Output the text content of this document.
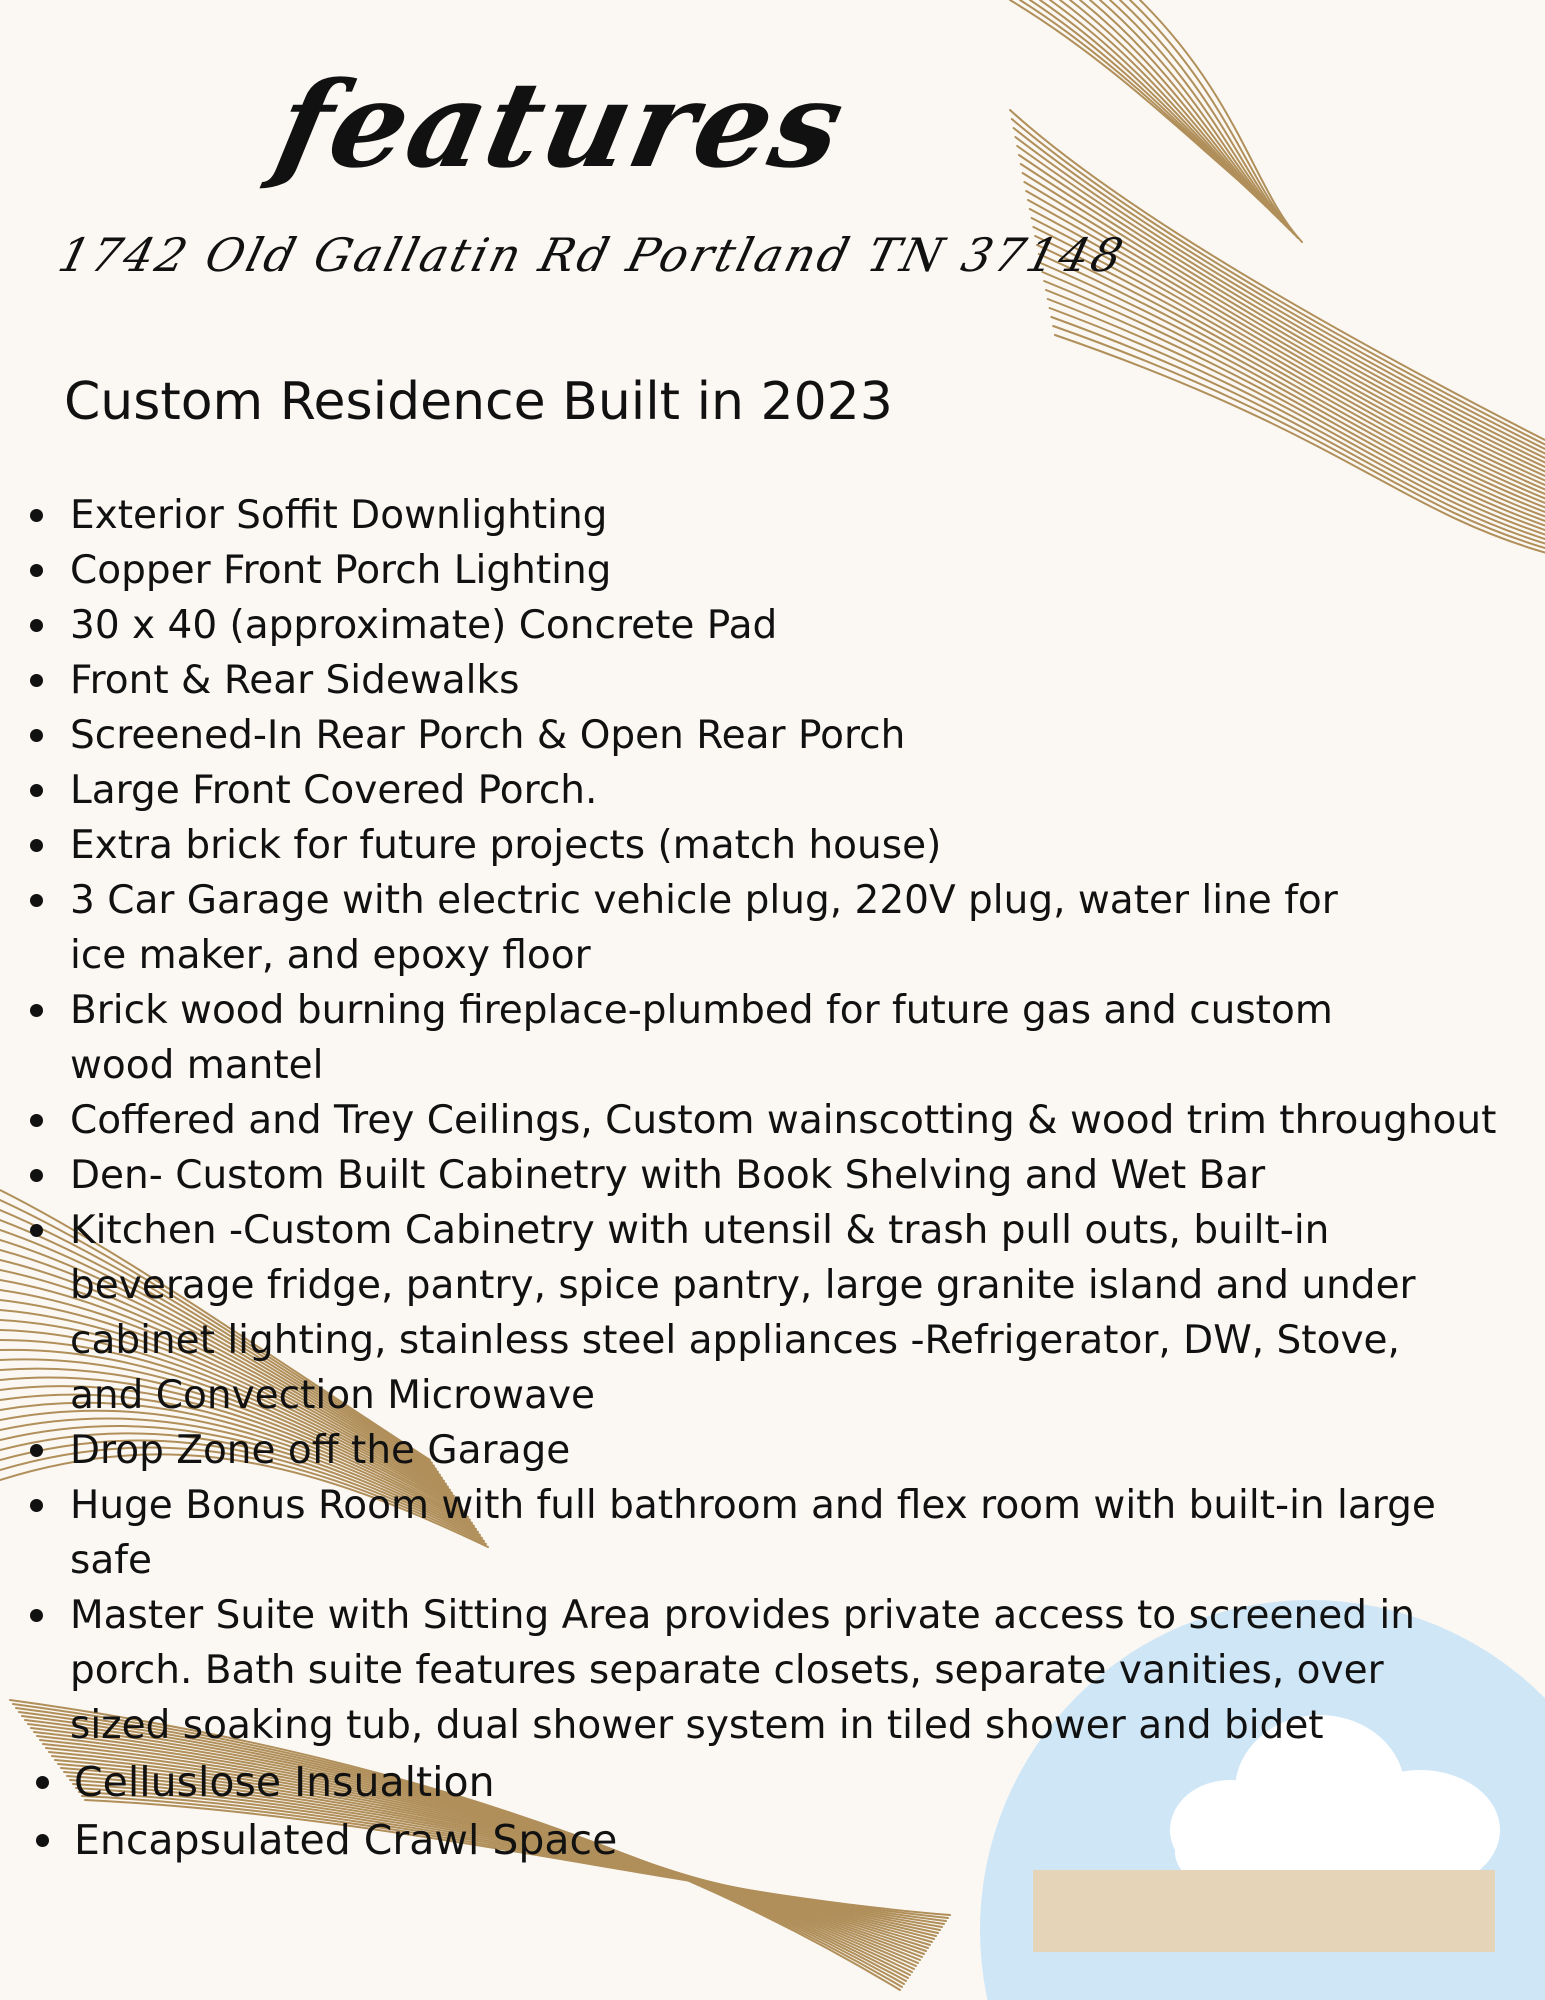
features
1742 Old Gallatin Rd Portland TN 37148
Custom Residence Built in 2023
Exterior Soffit Downlighting
Copper Front Porch Lighting
30 x 40 (approximate) Concrete Pad
Front & Rear Sidewalks
Screened-In Rear Porch & Open Rear Porch
Large Front Covered Porch.
Extra brick for future projects (match house)
3 Car Garage with electric vehicle plug, 220V plug, water line for ice maker, and epoxy floor
Brick wood burning fireplace-plumbed for future gas and custom wood mantel
Coffered and Trey Ceilings, Custom wainscotting & wood trim throughout
Den- Custom Built Cabinetry with Book Shelving and Wet Bar
Kitchen -Custom Cabinetry with utensil & trash pull outs, built-in beverage fridge, pantry, spice pantry, large granite island and under cabinet lighting, stainless steel appliances -Refrigerator, DW, Stove, and Convection Microwave
Drop Zone off the Garage
Huge Bonus Room with full bathroom and flex room with built-in large safe
Master Suite with Sitting Area provides private access to screened in porch. Bath suite features separate closets, separate vanities, over sized soaking tub, dual shower system in tiled shower and bidet
Celluslose Insualtion
Encapsulated Crawl Space
